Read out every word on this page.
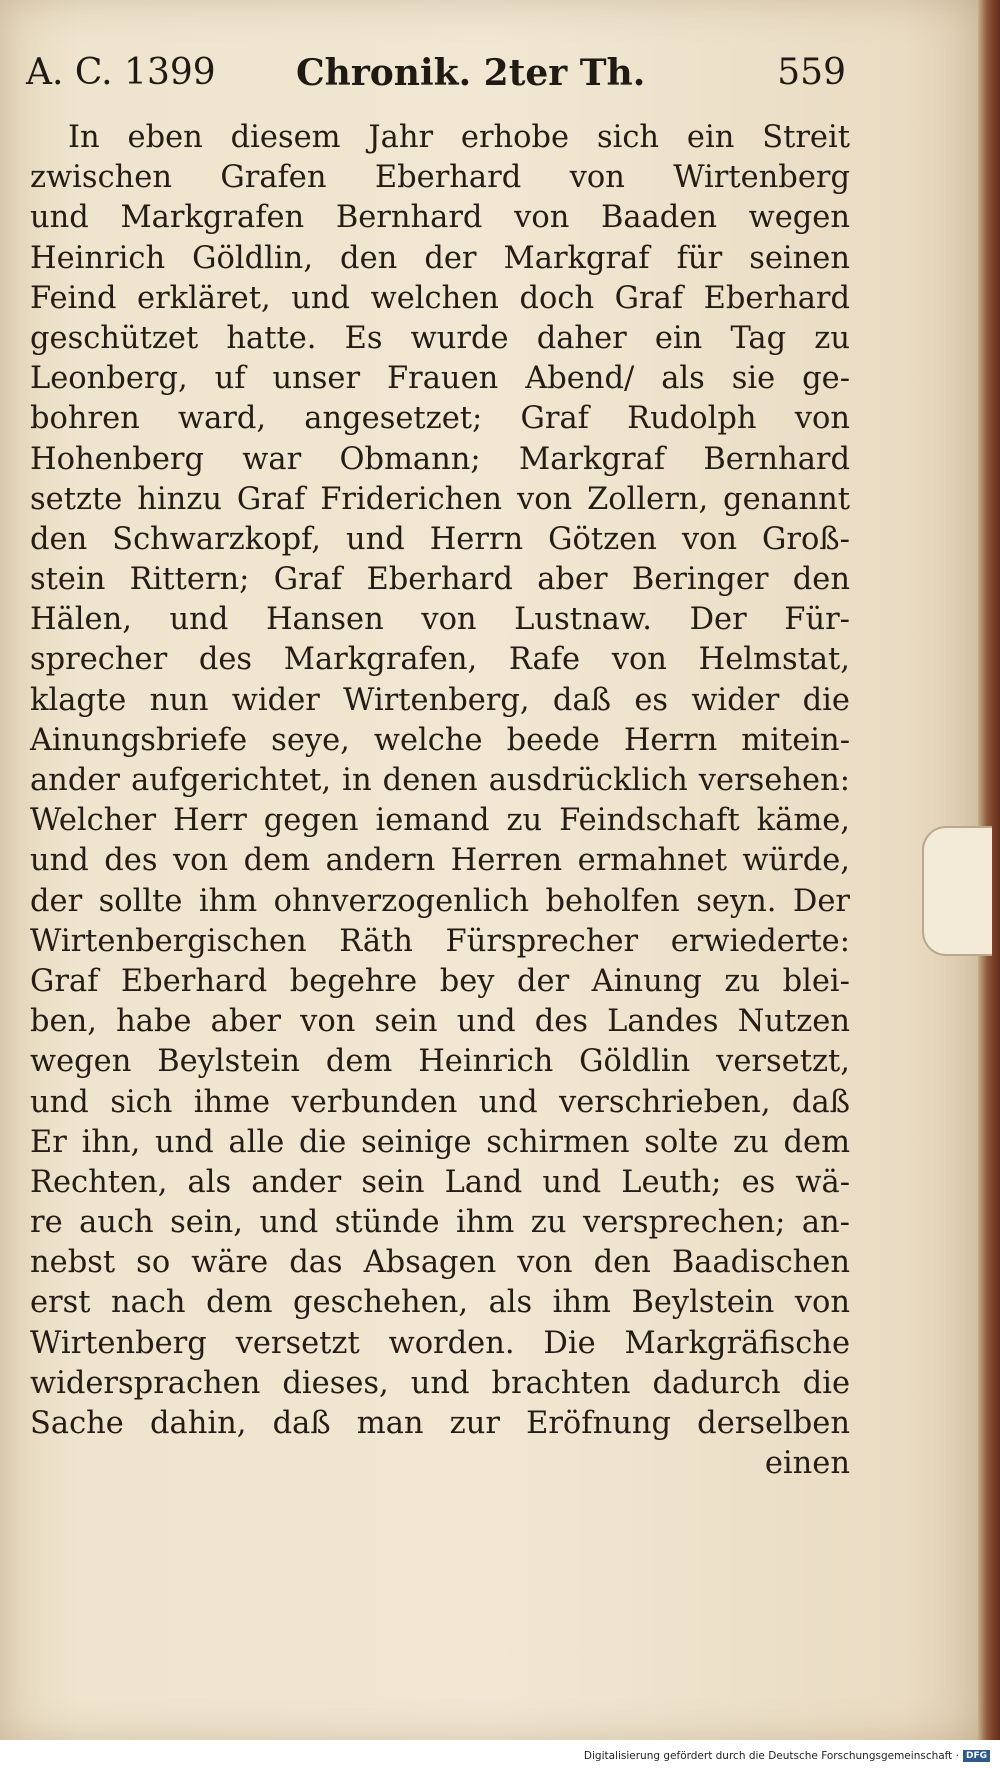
A. C. 1399 Chronik. 2ter Th.	559
In eben diesem Jahr erhobe sich ein Streit
zwischen Grafen Eberhard von Wirtenberg
und Markgrafen Bernhard von Baaden wegen
Heinrich Göldlin, den der Markgraf für seinen
Feind erkläret, und welchen doch Graf Eberhard
geschützet hatte. Es wurde daher ein Tag zu
Leonberg, uf unser Frauen Abend/ als sie ge-
bohren ward, angesetzet; Graf Rudolph von
Hohenberg war Obmann; Markgraf Bernhard
setzte hinzu Graf Friderichen von Zollern, genannt
den Schwarzkopf, und Herrn Götzen von Groß-
stein Rittern; Graf Eberhard aber Beringer den
Hälen, und Hansen von Lustnaw. Der Für-
sprecher des Markgrafen, Rafe von Helmstat,
klagte nun wider Wirtenberg, daß es wider die
Ainungsbriefe seye, welche beede Herrn mitein-
ander aufgerichtet, in denen ausdrücklich versehen:
Welcher Herr gegen iemand zu Feindschaft käme,
und des von dem andern Herren ermahnet würde,
der sollte ihm ohnverzogenlich beholfen seyn. Der
Wirtenbergischen Räth Fürsprecher erwiederte:
Graf Eberhard begehre bey der Ainung zu blei-
ben, habe aber von sein und des Landes Nutzen
wegen Beylstein dem Heinrich Göldlin versetzt,
und sich ihme verbunden und verschrieben, daß
Er ihn, und alle die seinige schirmen solte zu dem
Rechten, als ander sein Land und Leuth; es wä-
re auch sein, und stünde ihm zu versprechen; an-
nebst so wäre das Absagen von den Baadischen
erst nach dem geschehen, als ihm Beylstein von
Wirtenberg versetzt worden. Die Markgräfische
widersprachen dieses, und brachten dadurch die
Sache dahin, daß man zur Eröfnung derselben
einen
Digitalisierung gefördert durch die Deutsche Forschungsgemeinschaft · DFG
